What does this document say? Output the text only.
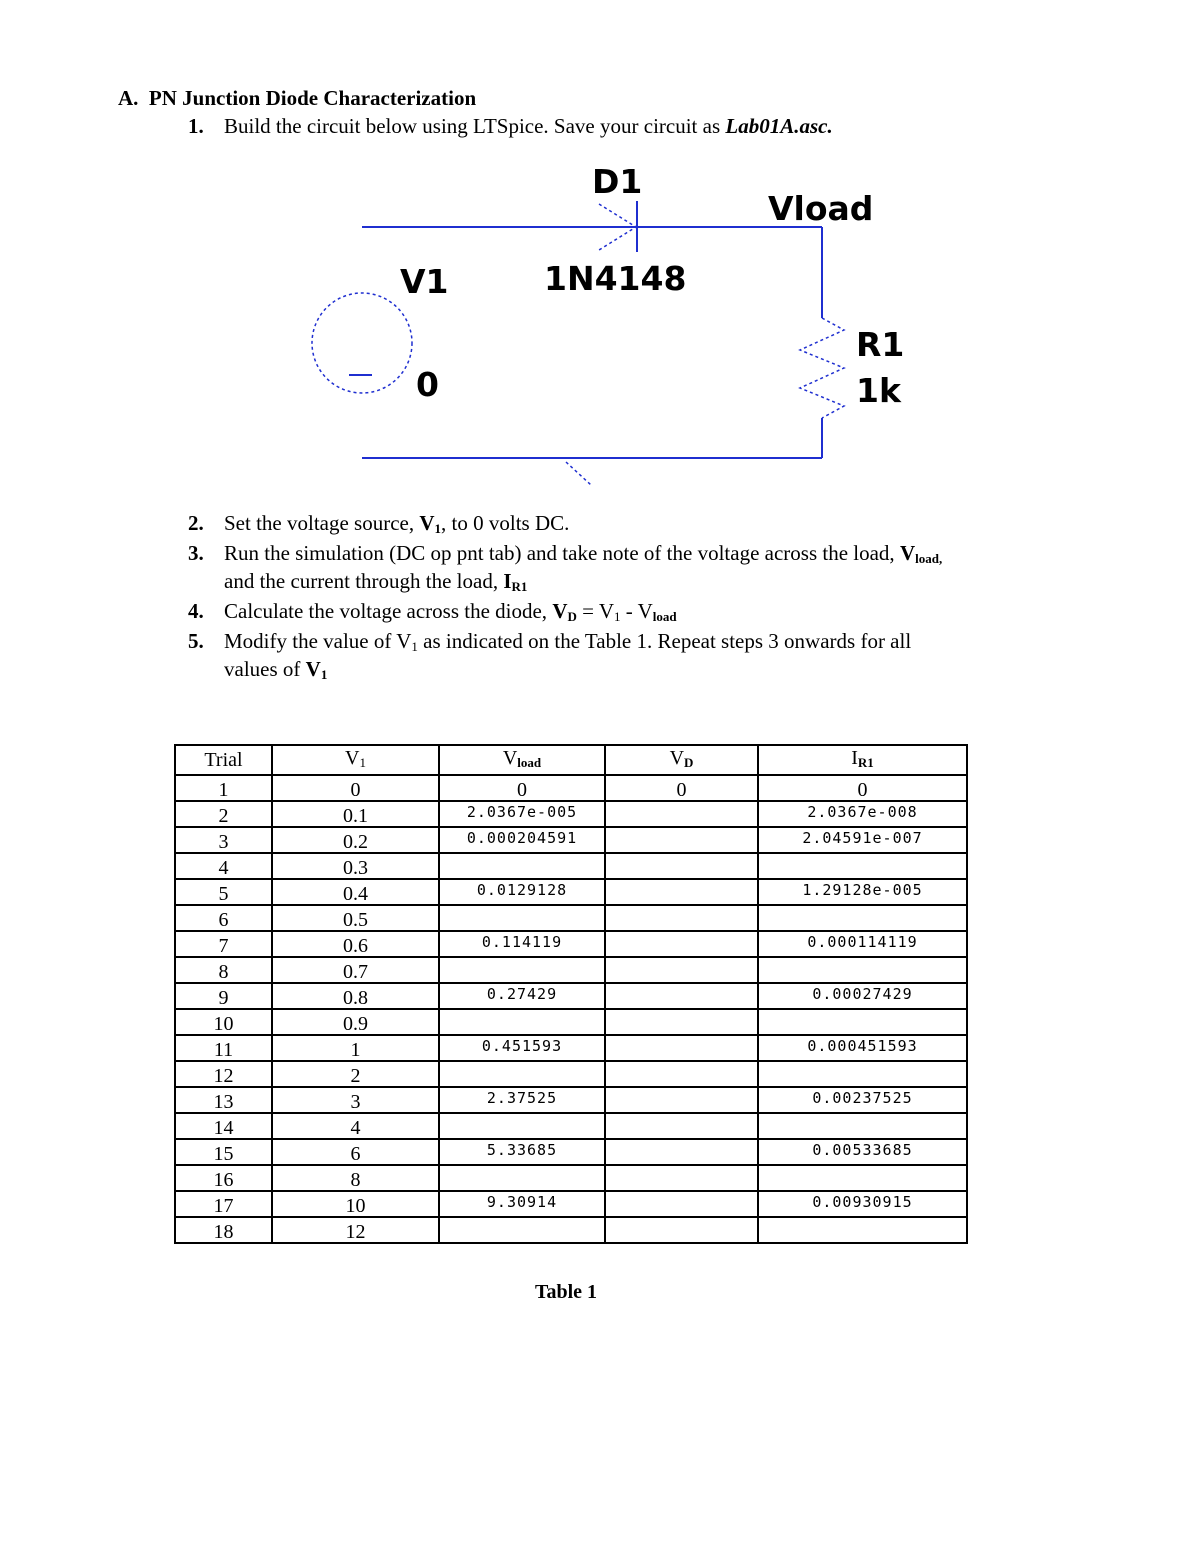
A. PN Junction Diode Characterization
1. Build the circuit below using LTSpice. Save your circuit as Lab01A.asc.
D1
Vload
1N4148
V1
0
R1
1k
2. Set the voltage source, $V_1$, to 0 volts DC.
3. Run the simulation (DC op pnt tab) and take note of the voltage across the load, $V_{load,}$
and the current through the load, $I_{R1}$
4. Calculate the voltage across the diode, $V_D = V_1 - V_{load}$
5. Modify the value of $V_1$ as indicated on the Table 1. Repeat steps 3 onwards for all
values of $V_1$
Trial	$V_1$	$V_{load}$	$V_D$	$I_{R1}$
1	0	0	0	0
2	0.1	2.0367e-005		2.0367e-008
3	0.2	0.000204591		2.04591e-007
4	0.3			
5	0.4	0.0129128		1.29128e-005
6	0.5			
7	0.6	0.114119		0.000114119
8	0.7			
9	0.8	0.27429		0.00027429
10	0.9			
11	1	0.451593		0.000451593
12	2			
13	3	2.37525		0.00237525
14	4			
15	6	5.33685		0.00533685
16	8			
17	10	9.30914		0.00930915
18	12			
Table 1
